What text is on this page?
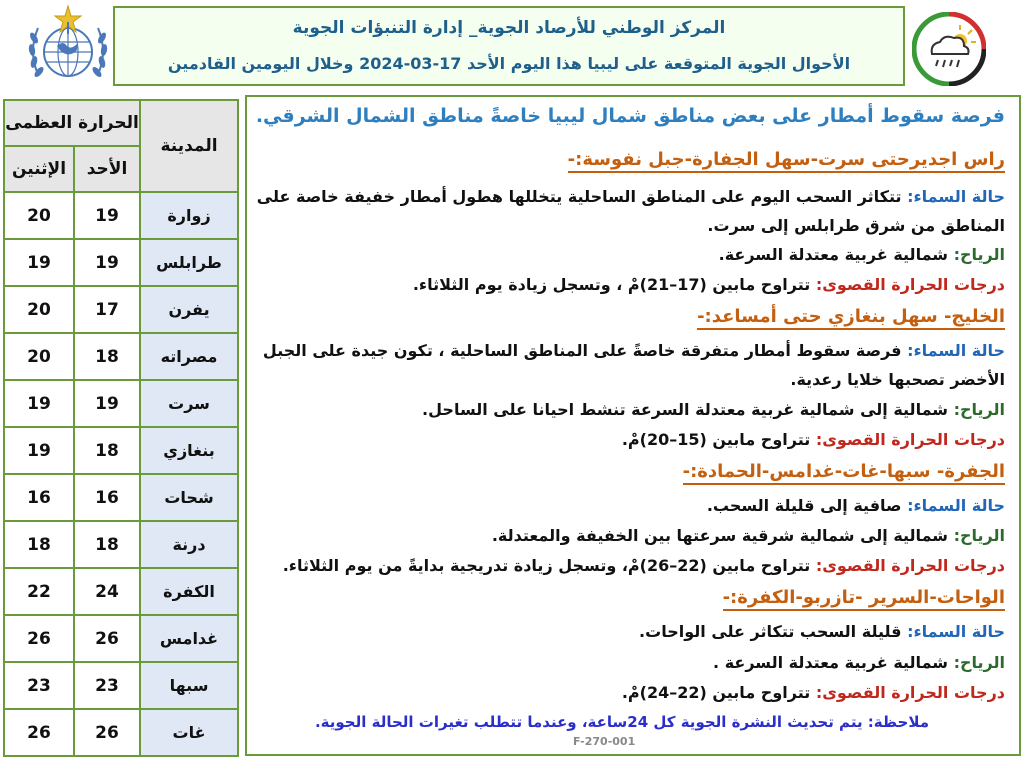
المركز الوطني للأرصاد الجوية_ إدارة التنبؤات الجوية
الأحوال الجوية المتوقعة على ليبيا هذا اليوم الأحد 17-03-2024 وخلال اليومين القادمين
الحرارة العظمى		المدينة
الإثنين	الأحد	
20	19	زوارة
19	19	طرابلس
20	17	يفرن
20	18	مصراته
19	19	سرت
19	18	بنغازي
16	16	شحات
18	18	درنة
22	24	الكفرة
26	26	غدامس
23	23	سبها
26	26	غات
فرصة سقوط أمطار على بعض مناطق شمال ليبيا خاصةً مناطق الشمال الشرقي.
راس اجديرحتى سرت-سهل الجفارة-جبل نفوسة:-
حالة السماء: تتكاثر السحب اليوم على المناطق الساحلية يتخللها هطول أمطار خفيفة خاصة على
المناطق من شرق طرابلس إلى سرت.
الرياح: شمالية غربية معتدلة السرعة.
درجات الحرارة القصوى: تتراوح مابين (17–21)مْ ، وتسجل زيادة يوم الثلاثاء.
الخليج- سهل بنغازي حتى أمساعد:-
حالة السماء: فرصة سقوط أمطار متفرقة خاصةً على المناطق الساحلية ، تكون جيدة على الجبل
الأخضر تصحبها خلايا رعدية.
الرياح: شمالية إلى شمالية غربية معتدلة السرعة تنشط احيانا على الساحل.
درجات الحرارة القصوى: تتراوح مابين (15–20)مْ.
الجفرة- سبها-غات-غدامس-الحمادة:-
حالة السماء: صافية إلى قليلة السحب.
الرياح: شمالية إلى شمالية شرقية سرعتها بين الخفيفة والمعتدلة.
درجات الحرارة القصوى: تتراوح مابين (22–26)مْ، وتسجل زيادة تدريجية بدايةً من يوم الثلاثاء.
الواحات-السرير -تازربو-الكفرة:-
حالة السماء: قليلة السحب تتكاثر على الواحات.
الرياح: شمالية غربية معتدلة السرعة .
درجات الحرارة القصوى: تتراوح مابين (22–24)مْ.
ملاحظة: يتم تحديث النشرة الجوية كل 24ساعة، وعندما تتطلب تغيرات الحالة الجوية.
F-270-001
